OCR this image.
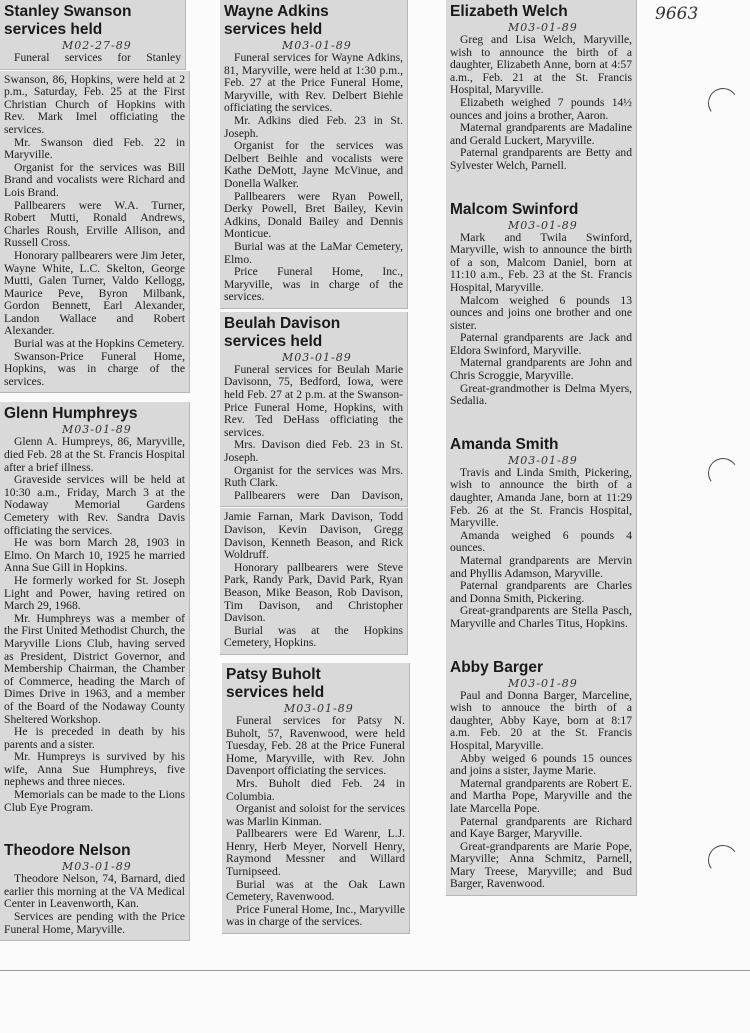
9663
Stanley Swanson
services held
M02-27-89

Funeral services for Stanley

Swanson, 86, Hopkins, were held at 2 p.m., Saturday, Feb. 25 at the First Christian Church of Hopkins with Rev. Mark Imel officiating the services.

Mr. Swanson died Feb. 22 in Maryville.

Organist for the services was Bill Brand and vocalists were Richard and Lois Brand.

Pallbearers were W.A. Turner, Robert Mutti, Ronald Andrews, Charles Roush, Erville Allison, and Russell Cross.

Honorary pallbearers were Jim Jeter, Wayne White, L.C. Skelton, George Mutti, Galen Turner, Valdo Kellogg, Maurice Peve, Byron Milbank, Gordon Bennett, Earl Alexander, Landon Wallace and Robert Alexander.

Burial was at the Hopkins Cemetery.

Swanson-Price Funeral Home, Hopkins, was in charge of the services.

Glenn Humphreys
M03-01-89

Glenn A. Humpreys, 86, Maryville, died Feb. 28 at the St. Francis Hospital after a brief illness.

Graveside services will be held at 10:30 a.m., Friday, March 3 at the Nodaway Memorial Gardens Cemetery with Rev. Sandra Davis officiating the services.

He was born March 28, 1903 in Elmo. On March 10, 1925 he married Anna Sue Gill in Hopkins.

He formerly worked for St. Joseph Light and Power, having retired on March 29, 1968.

Mr. Humphreys was a member of the First United Methodist Church, the Maryville Lions Club, having served as President, District Governor, and Membership Chairman, the Chamber of Commerce, heading the March of Dimes Drive in 1963, and a member of the Board of the Nodaway County Sheltered Workshop.

He is preceded in death by his parents and a sister.

Mr. Humpreys is survived by his wife, Anna Sue Humphreys, five nephews and three nieces.

Memorials can be made to the Lions Club Eye Program.

Theodore Nelson
M03-01-89

Theodore Nelson, 74, Barnard, died earlier this morning at the VA Medical Center in Leavenworth, Kan.

Services are pending with the Price Funeral Home, Maryville.

Wayne Adkins
services held
M03-01-89

Funeral services for Wayne Adkins, 81, Maryville, were held at 1:30 p.m., Feb. 27 at the Price Funeral Home, Maryville, with Rev. Delbert Biehle officiating the services.

Mr. Adkins died Feb. 23 in St. Joseph.

Organist for the services was Delbert Beihle and vocalists were Kathe DeMott, Jayne McVinue, and Donella Walker.

Pallbearers were Ryan Powell, Derky Powell, Bret Bailey, Kevin Adkins, Donald Bailey and Dennis Monticue.

Burial was at the LaMar Cemetery, Elmo.

Price Funeral Home, Inc., Maryville, was in charge of the services.

Beulah Davison
services held
M03-01-89

Funeral services for Beulah Marie Davisonn, 75, Bedford, Iowa, were held Feb. 27 at 2 p.m. at the Swanson-Price Funeral Home, Hopkins, with Rev. Ted DeHass officiating the services.

Mrs. Davison died Feb. 23 in St. Joseph.

Organist for the services was Mrs. Ruth Clark.

Pallbearers were Dan Davison,

Jamie Farnan, Mark Davison, Todd Davison, Kevin Davison, Gregg Davison, Kenneth Beason, and Rick Woldruff.

Honorary pallbearers were Steve Park, Randy Park, David Park, Ryan Beason, Mike Beason, Rob Davison, Tim Davison, and Christopher Davison.

Burial was at the Hopkins Cemetery, Hopkins.

Patsy Buholt
services held
M03-01-89

Funeral services for Patsy N. Buholt, 57, Ravenwood, were held Tuesday, Feb. 28 at the Price Funeral Home, Maryville, with Rev. John Davenport officiating the services.

Mrs. Buholt died Feb. 24 in Columbia.

Organist and soloist for the services was Marlin Kinman.

Pallbearers were Ed Warenr, L.J. Henry, Herb Meyer, Norvell Henry, Raymond Messner and Willard Turnipseed.

Burial was at the Oak Lawn Cemetery, Ravenwood.

Price Funeral Home, Inc., Maryville was in charge of the services.

Elizabeth Welch
M03-01-89

Greg and Lisa Welch, Maryville, wish to announce the birth of a daughter, Elizabeth Anne, born at 4:57 a.m., Feb. 21 at the St. Francis Hospital, Maryville.

Elizabeth weighed 7 pounds 14½ ounces and joins a brother, Aaron.

Maternal grandparents are Madaline and Gerald Luckert, Maryville.

Paternal grandparents are Betty and Sylvester Welch, Parnell.

Malcom Swinford
M03-01-89

Mark and Twila Swinford, Maryville, wish to announce the birth of a son, Malcom Daniel, born at 11:10 a.m., Feb. 23 at the St. Francis Hospital, Maryville.

Malcom weighed 6 pounds 13 ounces and joins one brother and one sister.

Paternal grandparents are Jack and Eldora Swinford, Maryville.

Maternal grandparents are John and Chris Scroggie, Maryville.

Great-grandmother is Delma Myers, Sedalia.

Amanda Smith
M03-01-89

Travis and Linda Smith, Pickering, wish to announce the birth of a daughter, Amanda Jane, born at 11:29 Feb. 26 at the St. Francis Hospital, Maryville.

Amanda weighed 6 pounds 4 ounces.

Maternal grandparents are Mervin and Phyllis Adamson, Maryville.

Paternal grandparents are Charles and Donna Smith, Pickering.

Great-grandparents are Stella Pasch, Maryville and Charles Titus, Hopkins.

Abby Barger
M03-01-89

Paul and Donna Barger, Marceline, wish to annouce the birth of a daughter, Abby Kaye, born at 8:17 a.m. Feb. 20 at the St. Francis Hospital, Maryville.

Abby weiged 6 pounds 15 ounces and joins a sister, Jayme Marie.

Maternal grandparents are Robert E. and Martha Pope, Maryville and the late Marcella Pope.

Paternal grandparents are Richard and Kaye Barger, Maryville.

Great-grandparents are Marie Pope, Maryville; Anna Schmitz, Parnell, Mary Treese, Maryville; and Bud Barger, Ravenwood.
